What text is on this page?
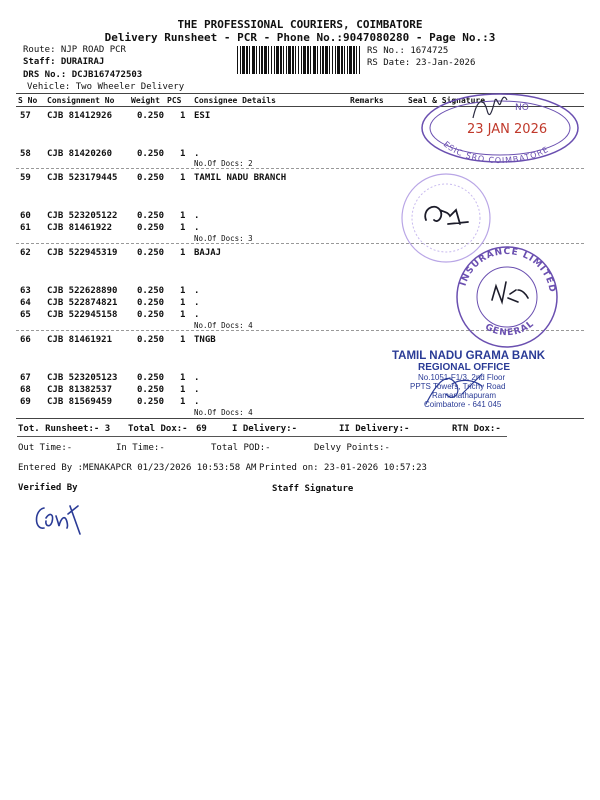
THE PROFESSIONAL COURIERS, COIMBATORE
Delivery Runsheet - PCR - Phone No.:9047080280 - Page No.:3
Route: NJP ROAD PCR
Staff: DURAIRAJ
DRS No.: DCJB167472503
Vehicle: Two Wheeler Delivery
RS No.: 1674725
RS Date: 23-Jan-2026
S No Consignment No Weight PCS Consignee Details	Remarks	Seal & Signature
57 CJB 81412926	0.250 1 ESI
58 CJB 81420260	0.250 1 .
No.Of Docs: 2
59 CJB 523179445 0.250 1 TAMIL NADU BRANCH
60 CJB 523205122 0.250 1 .
61 CJB 81461922	0.250 1 .
No.Of Docs: 3
62 CJB 522945319 0.250 1 BAJAJ
63 CJB 522628890 0.250 1 .
64 CJB 522874821 0.250 1 .
65 CJB 522945158 0.250 1 .
No.Of Docs: 4
66 CJB 81461921	0.250 1 TNGB
67 CJB 523205123 0.250 1 .
68 CJB 81382537	0.250 1 .
69 CJB 81569459	0.250 1 .
No.Of Docs: 4
Tot. Runsheet:- 3 Total Dox:- 69	I Delivery:-	II Delivery:-	RTN Dox:-
Out Time:-	In Time:-	Total POD:-	Delvy Points:-
Entered By :MENAKAPCR 01/23/2026 10:53:58 AM Printed on: 23-01-2026 10:57:23
Verified By	Staff Signature
NO
23 JAN 2026
ESIC SRO COIMBATORE
INSURANCE LIMITED
GENERAL
TAMIL NADU GRAMA BANK
REGIONAL OFFICE
No.1051-F1/3, 2nd Floor
PPTS Towers, Trichy Road
Ramanathapuram
Coimbatore - 641 045
